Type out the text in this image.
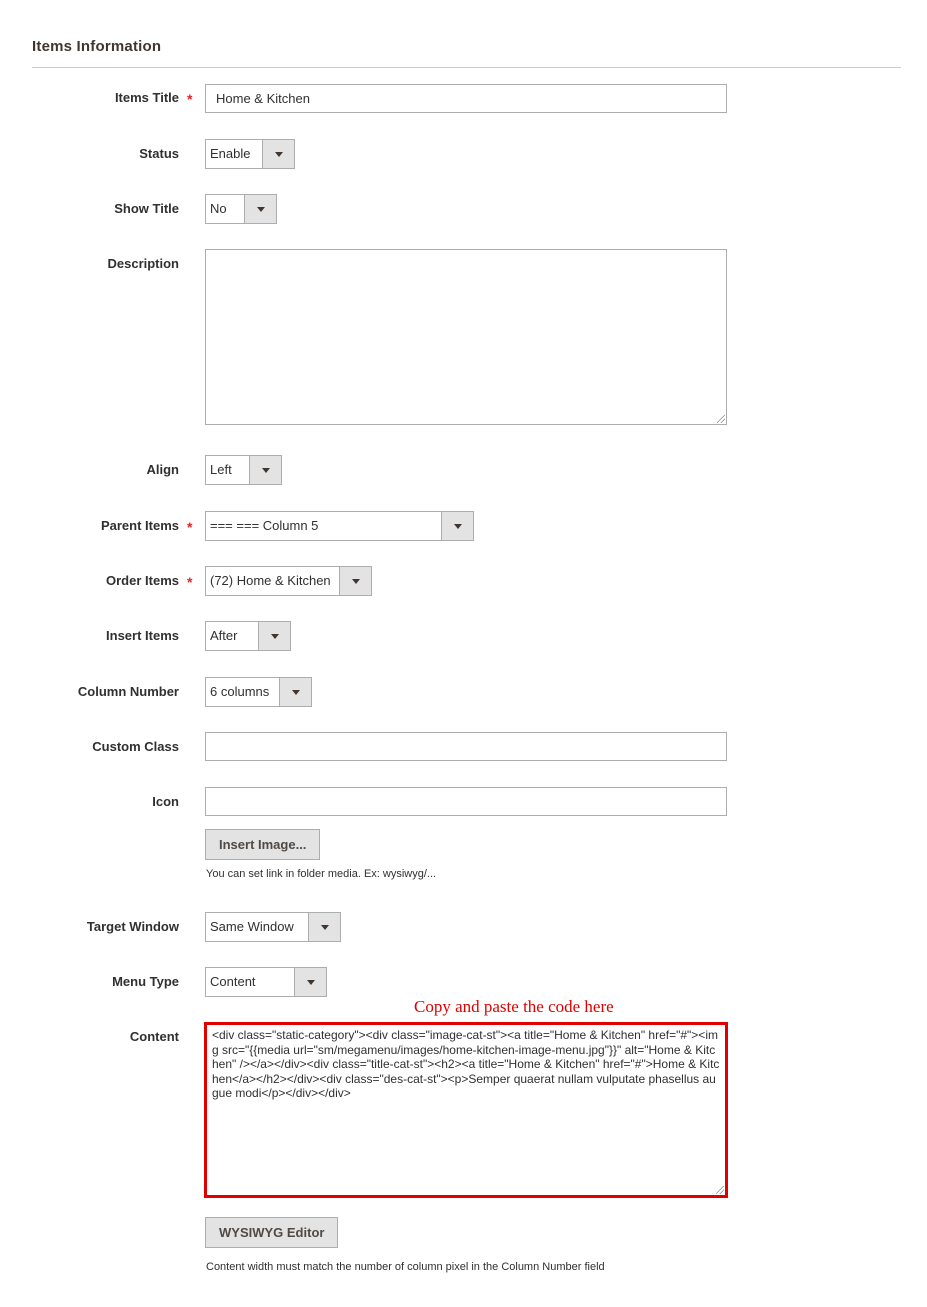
Items Information
Items Title *
Home & Kitchen
Status	Enable
Show Title	No
Description
Align	Left
Parent Items *	=== === Column 5
Order Items *	(72) Home & Kitchen
Insert Items	After
Column Number	6 columns
Custom Class
Icon
Insert Image...
You can set link in folder media. Ex: wysiwyg/...
Target Window	Same Window
Menu Type	Content
Copy and paste the code here
Content	<div class="static-category"><div class="image-cat-st"><a title="Home & Kitchen" href="#"><img src="{{media url="sm/megamenu/images/home-kitchen-image-menu.jpg"}}" alt="Home & Kitchen" /></a></div><div class="title-cat-st"><h2><a title="Home & Kitchen" href="#">Home & Kitchen</a></h2></div><div class="des-cat-st"><p>Semper quaerat nullam vulputate phasellus augue modi</p></div></div>
WYSIWYG Editor
Content width must match the number of column pixel in the Column Number field
